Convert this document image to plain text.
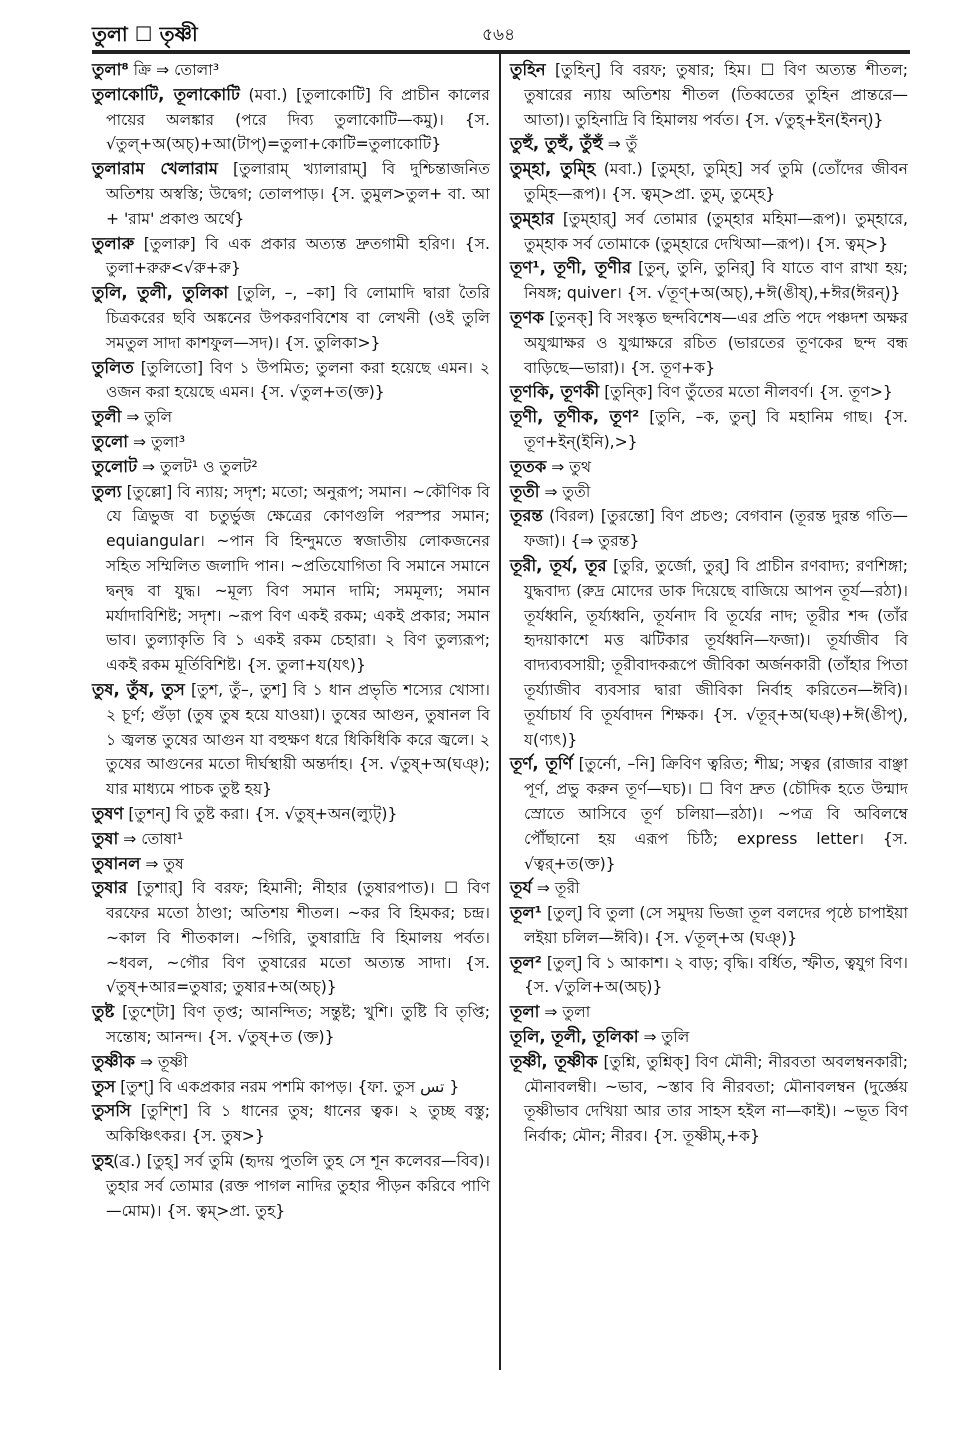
তুলা ☐ তৃষ্ণী	৫৬৪

তুলা⁸ ক্রি ⇒ তোলা³

তুলাকোটি, তূলাকোটি (মবা.) [তুলাকোটি] বি প্রাচীন কালের পায়ের অলঙ্কার (পরে দিব্য তুলাকোটি—কমু)। {স. √তুল্+অ(অচ্)+আ(টাপ্)=তুলা+কোটি=তুলাকোটি}

তুলারাম খেলারাম [তুলারাম্ খ্যালারাম্] বি দুশ্চিন্তাজনিত অতিশয় অস্বস্তি; উদ্বেগ; তোলপাড়। {স. তুমুল>তুল+ বা. আ + 'রাম' প্রকাণ্ড অর্থে}

তুলারু [তুলারু] বি এক প্রকার অত্যন্ত দ্রুতগামী হরিণ। {স. তুলা+রুরু<√রু+রু}

তুলি, তুলী, তুলিকা [তুলি, –, –কা] বি লোমাদি দ্বারা তৈরি চিত্রকরের ছবি অঙ্কনের উপকরণবিশেষ বা লেখনী (ওই তুলি সমতুল সাদা কাশফুল—সদ)। {স. তুলিকা>}

তুলিত [তুলিতো] বিণ ১ উপমিত; তুলনা করা হয়েছে এমন। ২ ওজন করা হয়েছে এমন। {স. √তুল+ত(ক্ত)}

তুলী ⇒ তুলি

তুলো ⇒ তুলা³

তুলোট ⇒ তুলট¹ ও তুলট²

তুল্য [তুল্লো] বি ন্যায়; সদৃশ; মতো; অনুরূপ; সমান। ~কৌণিক বি যে ত্রিভুজ বা চতুর্ভুজ ক্ষেত্রের কোণগুলি পরস্পর সমান; equiangular। ~পান বি হিন্দুমতে স্বজাতীয় লোকজনের সহিত সম্মিলিত জলাদি পান। ~প্রতিযোগিতা বি সমানে সমানে দ্বন্দ্ব বা যুদ্ধ। ~মূল্য বিণ সমান দামি; সমমূল্য; সমান মর্যাদাবিশিষ্ট; সদৃশ। ~রূপ বিণ একই রকম; একই প্রকার; সমান ভাব। তুল্যাকৃতি বি ১ একই রকম চেহারা। ২ বিণ তুল্যরূপ; একই রকম মূর্তিবিশিষ্ট। {স. তুলা+য(যৎ)}

তুষ, তুঁষ, তুস [তুশ, তুঁ–, তুশ] বি ১ ধান প্রভৃতি শস্যের খোসা। ২ চূর্ণ; গুঁড়া (তুষ তুষ হয়ে যাওয়া)। তুষের আগুন, তুষানল বি ১ জ্বলন্ত তুষের আগুন যা বহুক্ষণ ধরে ধিকিধিকি করে জ্বলে। ২ তুষের আগুনের মতো দীর্ঘস্থায়ী অন্তর্দাহ। {স. √তুষ্+অ(ঘঞ্); যার মাধ্যমে পাচক তুষ্ট হয়}

তুষণ [তুশন্] বি তুষ্ট করা। {স. √তুষ্+অন(ল্যুট্)}

তুষা ⇒ তোষা¹

তুষানল ⇒ তুষ

তুষার [তুশার্] বি বরফ; হিমানী; নীহার (তুষারপাত)। ☐ বিণ বরফের মতো ঠাণ্ডা; অতিশয় শীতল। ~কর বি হিমকর; চন্দ্র। ~কাল বি শীতকাল। ~গিরি, তুষারাদ্রি বি হিমালয় পর্বত। ~ধবল, ~গৌর বিণ তুষারের মতো অত্যন্ত সাদা। {স. √তুষ্+আর=তুষার; তুষার+অ(অচ্)}

তুষ্ট [তুশ্টো] বিণ তৃপ্ত; আনন্দিত; সন্তুষ্ট; খুশি। তুষ্টি বি তৃপ্তি; সন্তোষ; আনন্দ। {স. √তুষ্+ত (ক্ত)}

তুষ্ণীক ⇒ তূষ্ণী

তুস [তুশ্] বি একপ্রকার নরম পশমি কাপড়। {ফা. তুস تس }

তুসসি [তুশ্শি] বি ১ ধানের তুষ; ধানের ত্বক। ২ তুচ্ছ বস্তু; অকিঞ্চিৎকর। {স. তুষ>}

তুহ(ব্র.) [তুহ্] সর্ব তুমি (হৃদয় পুতলি তুহ সে শূন কলেবর—বিব)। তুহার সর্ব তোমার (রক্ত পাগল নাদির তুহার পীড়ন করিবে পাণি—মোম)। {স. ত্বম্>প্রা. তুহ}

তুহিন [তুহিন্] বি বরফ; তুষার; হিম। ☐ বিণ অত্যন্ত শীতল; তুষারের ন্যায় অতিশয় শীতল (তিব্বতের তুহিন প্রান্তরে—আতা)। তুহিনাদ্রি বি হিমালয় পর্বত। {স. √তুহ্+ইন(ইনন্)}

তুহুঁ, তুহুঁ, তুঁহুঁ ⇒ তুঁ

তুম্হা, তুম্হি (মবা.) [তুম্হা, তুম্হি] সর্ব তুমি (তোঁদের জীবন তুম্হি—রূপ)। {স. ত্বম্>প্রা. তুম্, তুম্হে}

তুম্হার [তুম্হার্] সর্ব তোমার (তুম্হার মহিমা—রূপ)। তুম্হারে, তুম্হাক সর্ব তোমাকে (তুম্হারে দেখিআ—রূপ)। {স. ত্বম্>}

তূণ¹, তূণী, তূণীর [তুন্, তুনি, তুনির্] বি যাতে বাণ রাখা হয়; নিষঙ্গ; quiver। {স. √তূণ্+অ(অচ্),+ঈ(ঙীষ্),+ঈর(ঈরন্)}

তূণক [তুনক্] বি সংস্কৃত ছন্দবিশেষ—এর প্রতি পদে পঞ্চদশ অক্ষর অযুগ্মাক্ষর ও যুগ্মাক্ষরে রচিত (ভারতের তূণকের ছন্দ বন্ধ বাড়িছে—ভারা)। {স. তূণ+ক}

তূণকি, তূণকী [তুন্কি] বিণ তুঁতের মতো নীলবর্ণ। {স. তূণ>}

তূণী, তূণীক, তূণ² [তুনি, –ক, তুন্] বি মহানিম গাছ। {স. তূণ+ইন্(ইনি),>}

তূতক ⇒ তুথ

তূতী ⇒ তুতী

তূরন্ত (বিরল) [তুরন্তো] বিণ প্রচণ্ড; বেগবান (তূরন্ত দুরন্ত গতি—ফজা)। {⇒ তুরন্ত}

তূরী, তূর্য, তূর [তুরি, তুর্জো, তুর্] বি প্রাচীন রণবাদ্য; রণশিঙ্গা; যুদ্ধবাদ্য (রুদ্র মোদের ডাক দিয়েছে বাজিয়ে আপন তূর্য—রঠা)। তূর্যধ্বনি, তূর্য্যধ্বনি, তূর্যনাদ বি তূর্যের নাদ; তূরীর শব্দ (তাঁর হৃদয়াকাশে মত্ত ঝটিকার তূর্যধ্বনি—ফজা)। তূর্যাজীব বি বাদ্যব্যবসায়ী; তূরীবাদকরূপে জীবিকা অর্জনকারী (তাঁহার পিতা তূর্য্যাজীব ব্যবসার দ্বারা জীবিকা নির্বাহ করিতেন—ঈবি)। তূর্যাচার্য বি তূর্যবাদন শিক্ষক। {স. √তূর্+অ(ঘঞ্)+ঈ(ঙীপ্), য(ণ্যৎ)}

তূর্ণ, তূর্ণি [তুর্নো, –নি] ক্রিবিণ ত্বরিত; শীঘ্র; সত্বর (রাজার বাঞ্ছা পূর্ণ, প্রভু করুন তূর্ণ—ঘচ)। ☐ বিণ দ্রুত (চৌদিক হতে উন্মাদ স্রোতে আসিবে তূর্ণ চলিয়া—রঠা)। ~পত্র বি অবিলম্বে পৌঁছানো হয় এরূপ চিঠি; express letter। {স. √ত্বর্+ত(ক্ত)}

তূর্য ⇒ তূরী

তূল¹ [তুল্] বি তুলা (সে সমুদয় ভিজা তূল বলদের পৃষ্ঠে চাপাইয়া লইয়া চলিল—ঈবি)। {স. √তূল্+অ (ঘঞ্)}

তূল² [তুল্] বি ১ আকাশ। ২ বাড়; বৃদ্ধি। বর্ধিত, স্ফীত, ত্বযুগ বিণ। {স. √তুলি+অ(অচ্)}

তূলা ⇒ তুলা

তূলি, তূলী, তূলিকা ⇒ তুলি

তূষ্ণী, তূষ্ণীক [তুশ্নি, তুশ্নিক্] বিণ মৌনী; নীরবতা অবলম্বনকারী; মৌনাবলম্বী। ~ভাব, ~স্তাব বি নীরবতা; মৌনাবলম্বন (দুর্জ্ঞেয় তূষ্ণীভাব দেখিয়া আর তার সাহস হইল না—কাই)। ~ভূত বিণ নির্বাক; মৌন; নীরব। {স. তূষ্ণীম্,+ক}
